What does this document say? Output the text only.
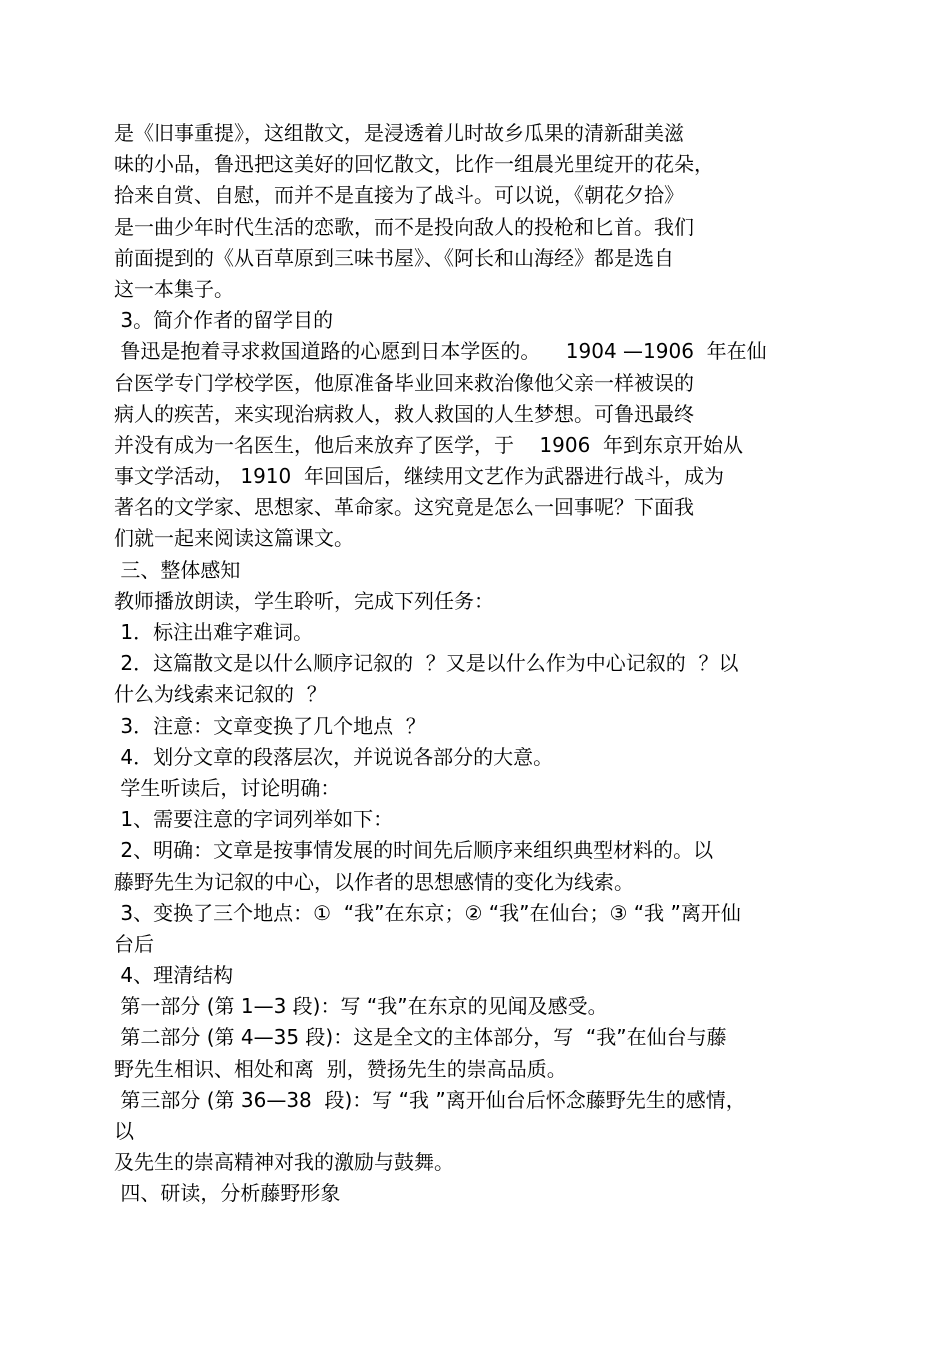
是《旧事重提》，这组散文，是浸透着儿时故乡瓜果的清新甜美滋
味的小品，鲁迅把这美好的回忆散文，比作一组晨光里绽开的花朵，
拾来自赏、自慰，而并不是直接为了战斗。可以说，《朝花夕拾》
是一曲少年时代生活的恋歌，而不是投向敌人的投枪和匕首。我们
前面提到的《从百草原到三味书屋》、《阿长和山海经》都是选自
这一本集子。
3。简介作者的留学目的
鲁迅是抱着寻求救国道路的心愿到日本学医的。    1904 —1906  年在仙
台医学专门学校学医，他原准备毕业回来救治像他父亲一样被误的
病人的疾苦，来实现治病救人，救人救国的人生梦想。可鲁迅最终
并没有成为一名医生，他后来放弃了医学，于    1906  年到东京开始从
事文学活动， 1910  年回国后，继续用文艺作为武器进行战斗，成为
著名的文学家、思想家、革命家。这究竟是怎么一回事呢？下面我
们就一起来阅读这篇课文。
三、整体感知
教师播放朗读，学生聆听，完成下列任务：
1．标注出难字难词。
2．这篇散文是以什么顺序记叙的  ？又是以什么作为中心记叙的  ？以
什么为线索来记叙的  ？
3．注意：文章变换了几个地点  ？
4．划分文章的段落层次，并说说各部分的大意。
学生听读后，讨论明确：
1、需要注意的字词列举如下：
2、明确：文章是按事情发展的时间先后顺序来组织典型材料的。以
藤野先生为记叙的中心，以作者的思想感情的变化为线索。
3、变换了三个地点：①  “我”在东京；② “我”在仙台；③ “我 ”离开仙
台后
4、理清结构
第一部分 (第 1—3 段)：写 “我”在东京的见闻及感受。
第二部分 (第 4—35 段)：这是全文的主体部分，写  “我”在仙台与藤
野先生相识、相处和离  别，赞扬先生的崇高品质。
第三部分 (第 36—38  段)：写 “我 ”离开仙台后怀念藤野先生的感情，
以
及先生的崇高精神对我的激励与鼓舞。
四、研读，分析藤野形象
